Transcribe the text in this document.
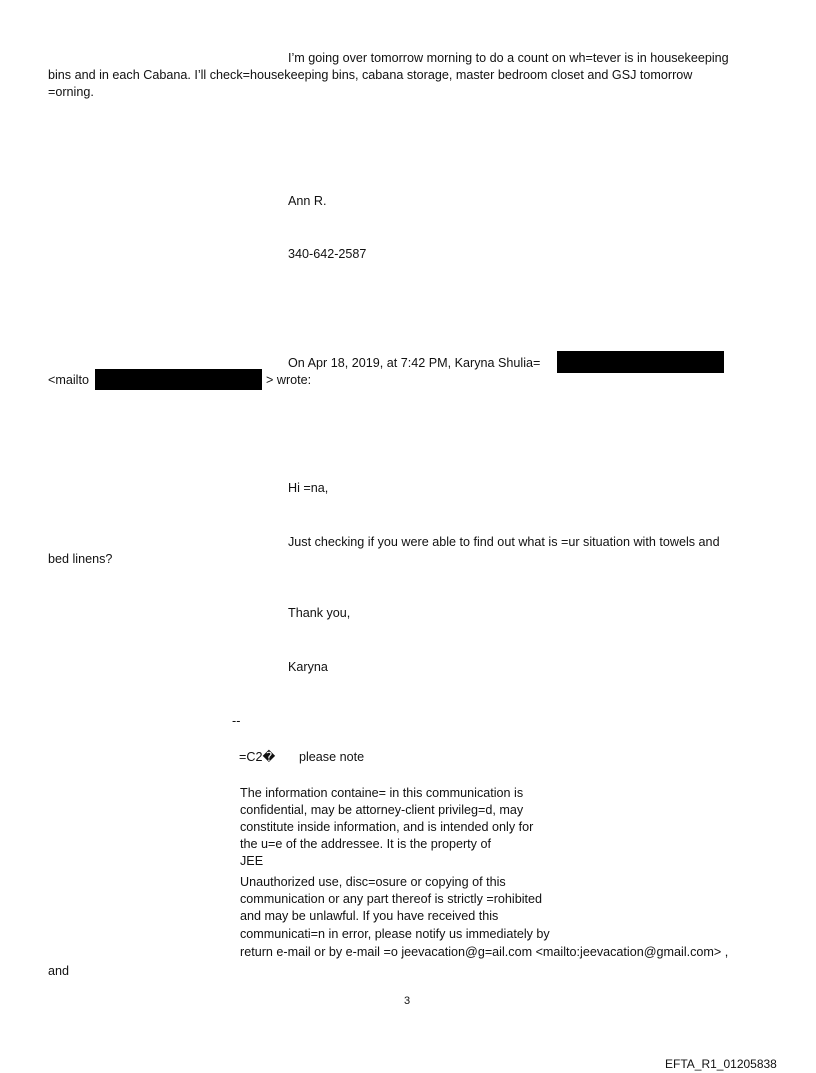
I’m going over tomorrow morning to do a count on wh=tever is in housekeeping
bins and in each Cabana. I’ll check=housekeeping bins, cabana storage, master bedroom closet and GSJ tomorrow
=orning.
Ann R.
340-642-2587
On Apr 18, 2019, at 7:42 PM, Karyna Shulia=
<mailto	> wrote:
Hi =na,
Just checking if you were able to find out what is =ur situation with towels and
bed linens?
Thank you,
Karyna
--
=C2� please note
The information containe= in this communication is
confidential, may be attorney-client privileg=d, may
constitute inside information, and is intended only for
the u=e of the addressee. It is the property of
JEE
Unauthorized use, disc=osure or copying of this
communication or any part thereof is strictly =rohibited
and may be unlawful. If you have received this
communicati=n in error, please notify us immediately by
return e-mail or by e-mail =o jeevacation@g=ail.com <mailto:jeevacation@gmail.com> ,
and
3
EFTA_R1_01205838
